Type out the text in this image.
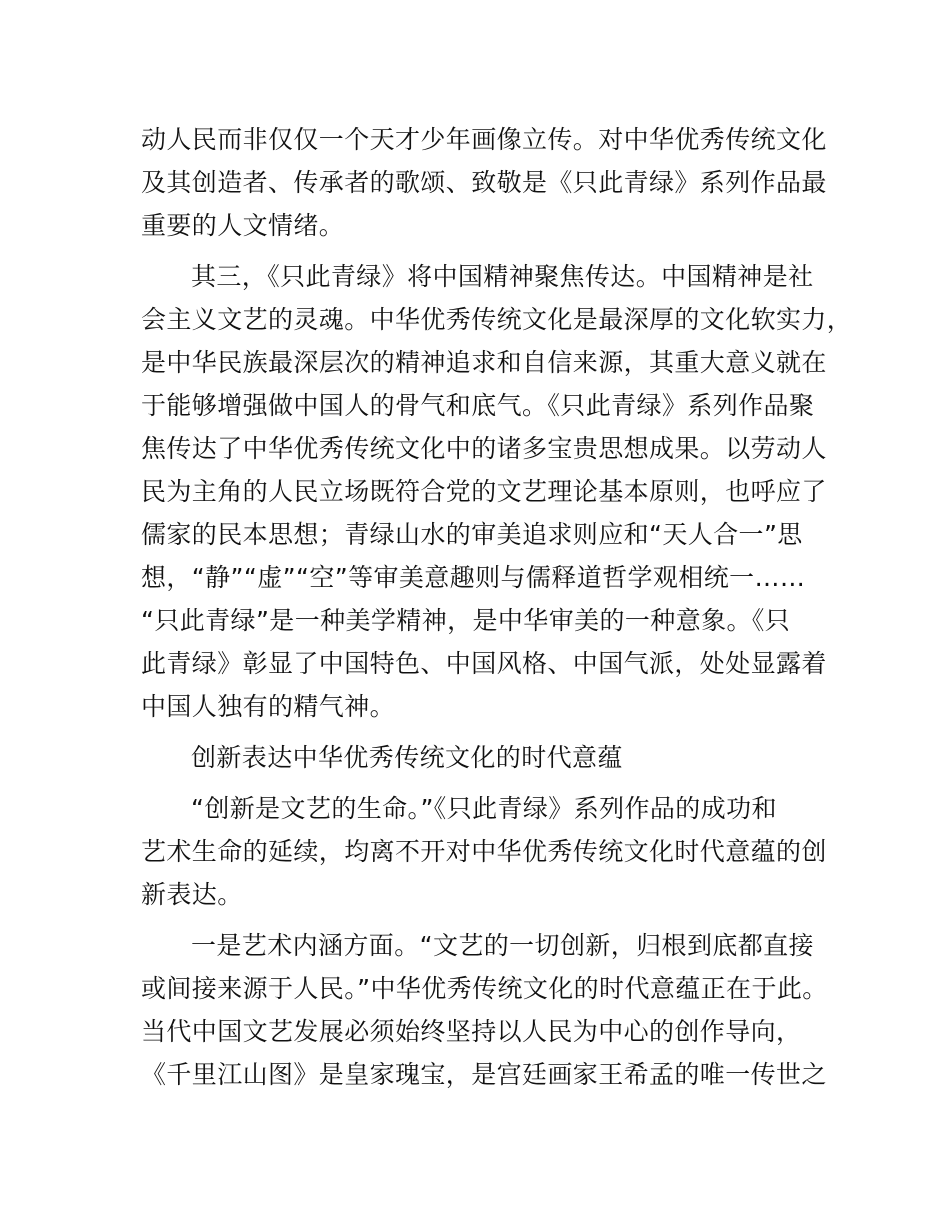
动人民而非仅仅一个天才少年画像立传。对中华优秀传统文化
及其创造者、传承者的歌颂、致敬是《只此青绿》系列作品最
重要的人文情绪。
其三，《只此青绿》将中国精神聚焦传达。中国精神是社
会主义文艺的灵魂。中华优秀传统文化是最深厚的文化软实力，
是中华民族最深层次的精神追求和自信来源，其重大意义就在
于能够增强做中国人的骨气和底气。《只此青绿》系列作品聚
焦传达了中华优秀传统文化中的诸多宝贵思想成果。以劳动人
民为主角的人民立场既符合党的文艺理论基本原则，也呼应了
儒家的民本思想；青绿山水的审美追求则应和“天人合一”思
想，“静”“虚”“空”等审美意趣则与儒释道哲学观相统一……
“只此青绿”是一种美学精神，是中华审美的一种意象。《只
此青绿》彰显了中国特色、中国风格、中国气派，处处显露着
中国人独有的精气神。
创新表达中华优秀传统文化的时代意蕴
“创新是文艺的生命。”《只此青绿》系列作品的成功和
艺术生命的延续，均离不开对中华优秀传统文化时代意蕴的创
新表达。
一是艺术内涵方面。“文艺的一切创新，归根到底都直接
或间接来源于人民。”中华优秀传统文化的时代意蕴正在于此。
当代中国文艺发展必须始终坚持以人民为中心的创作导向，
《千里江山图》是皇家瑰宝，是宫廷画家王希孟的唯一传世之
